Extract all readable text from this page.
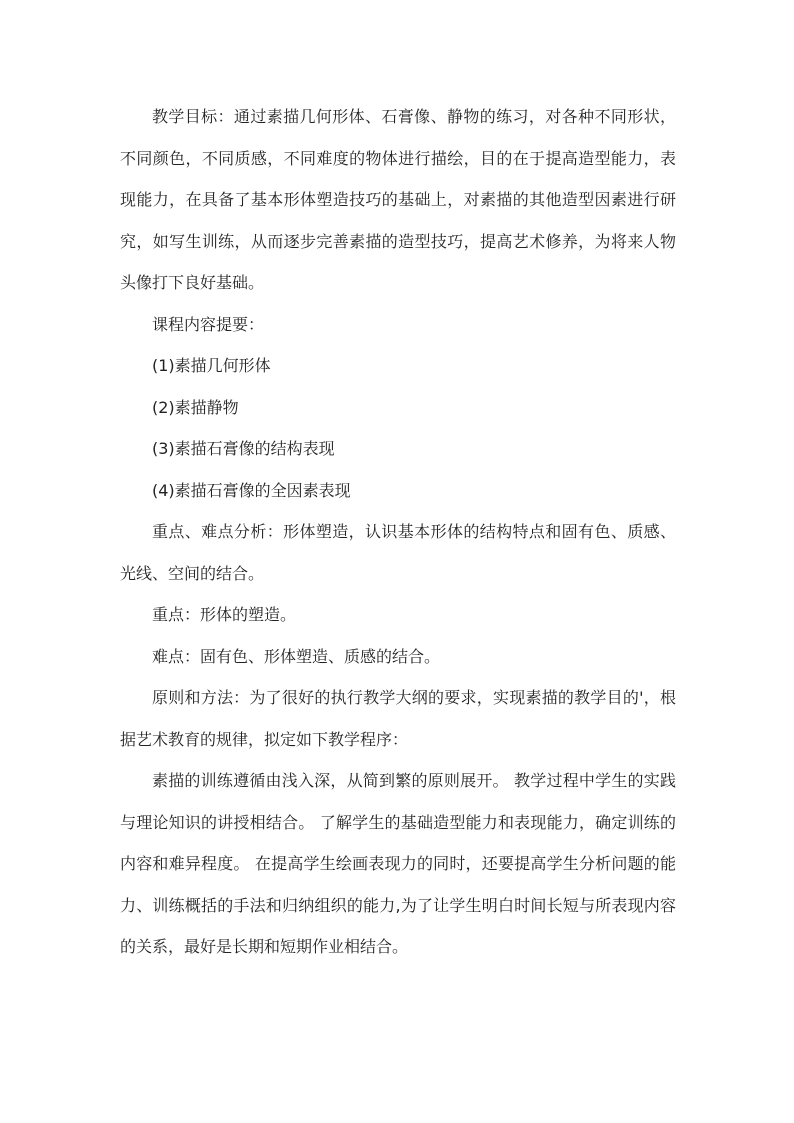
教学目标：通过素描几何形体、石膏像、静物的练习，对各种不同形状，不同颜色，不同质感，不同难度的物体进行描绘，目的在于提高造型能力，表现能力，在具备了基本形体塑造技巧的基础上，对素描的其他造型因素进行研究，如写生训练，从而逐步完善素描的造型技巧，提高艺术修养，为将来人物头像打下良好基础。

课程内容提要：

(1)素描几何形体

(2)素描静物

(3)素描石膏像的结构表现

(4)素描石膏像的全因素表现

重点、难点分析：形体塑造，认识基本形体的结构特点和固有色、质感、光线、空间的结合。

重点：形体的塑造。

难点：固有色、形体塑造、质感的结合。

原则和方法：为了很好的执行教学大纲的要求，实现素描的教学目的'，根据艺术教育的规律，拟定如下教学程序：

素描的训练遵循由浅入深，从简到繁的原则展开。 教学过程中学生的实践与理论知识的讲授相结合。 了解学生的基础造型能力和表现能力，确定训练的内容和难异程度。 在提高学生绘画表现力的同时，还要提高学生分析问题的能力、训练概括的手法和归纳组织的能力,为了让学生明白时间长短与所表现内容的关系，最好是长期和短期作业相结合。
